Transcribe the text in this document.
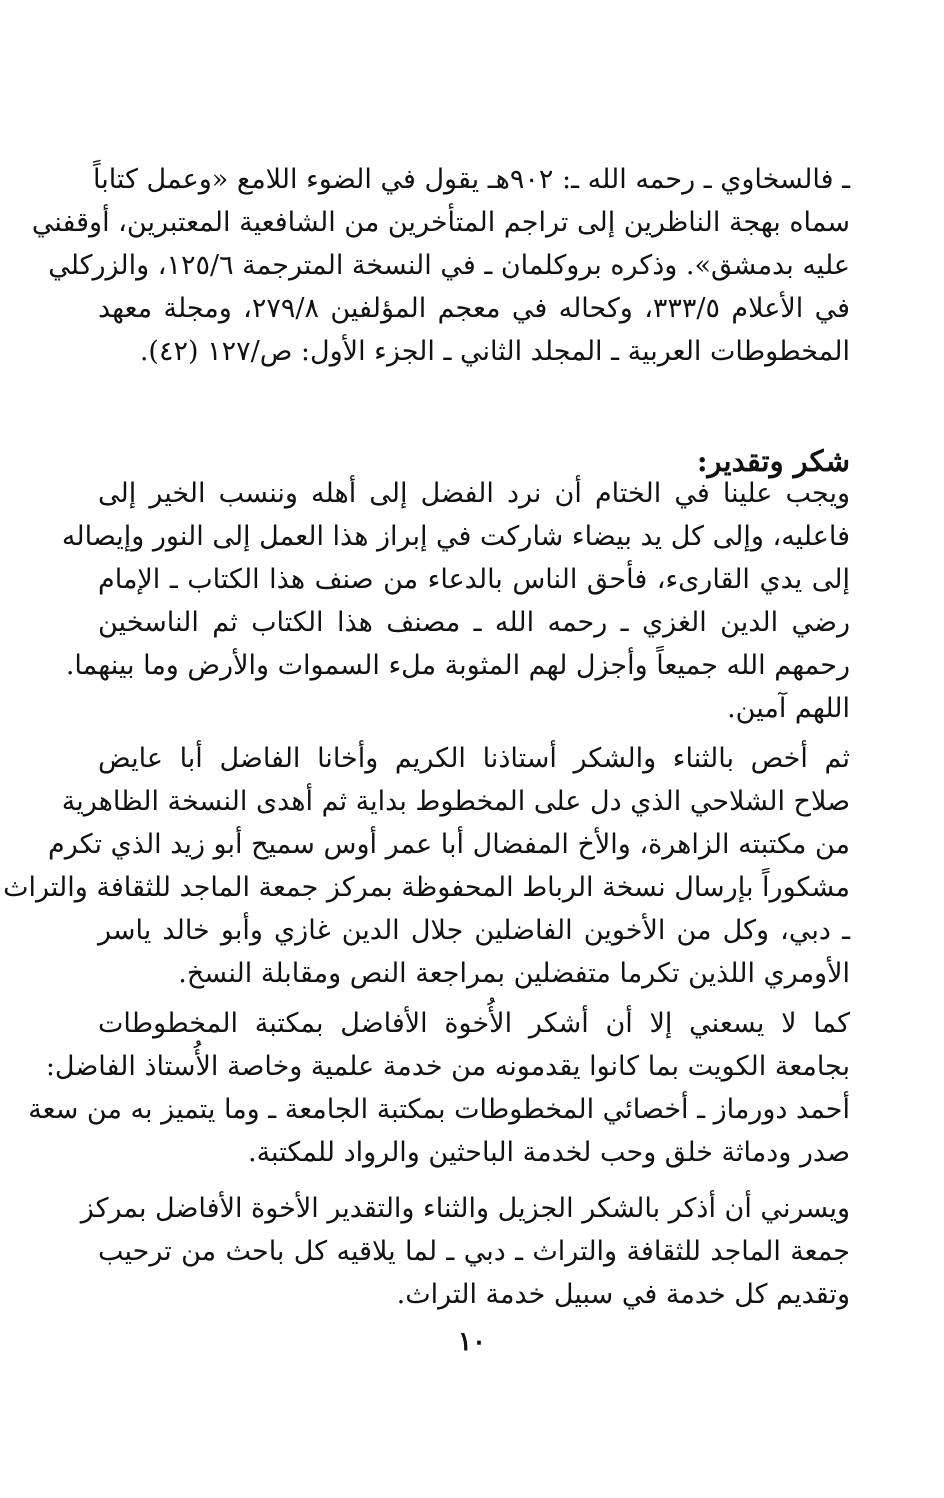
ـ فالسخاوي ـ رحمه الله ـ: ٩٠٢هـ يقول في الضوء اللامع «وعمل كتاباً
سماه بهجة الناظرين إلى تراجم المتأخرين من الشافعية المعتبرين، أوقفني
عليه بدمشق». وذكره بروكلمان ـ في النسخة المترجمة ١٢٥/٦، والزركلي
في الأعلام ٣٣٣/٥، وكحاله في معجم المؤلفين ٢٧٩/٨، ومجلة معهد
المخطوطات العربية ـ المجلد الثاني ـ الجزء الأول: ص/١٢٧ (٤٢).
شكر وتقدير:
ويجب علينا في الختام أن نرد الفضل إلى أهله وننسب الخير إلى
فاعليه، وإلى كل يد بيضاء شاركت في إبراز هذا العمل إلى النور وإيصاله
إلى يدي القارىء، فأحق الناس بالدعاء من صنف هذا الكتاب ـ الإمام
رضي الدين الغزي ـ رحمه الله ـ مصنف هذا الكتاب ثم الناسخين
رحمهم الله جميعاً وأجزل لهم المثوبة ملء السموات والأرض وما بينهما.
اللهم آمين.
ثم أخص بالثناء والشكر أستاذنا الكريم وأخانا الفاضل أبا عايض
صلاح الشلاحي الذي دل على المخطوط بداية ثم أهدى النسخة الظاهرية
من مكتبته الزاهرة، والأخ المفضال أبا عمر أوس سميح أبو زيد الذي تكرم
مشكوراً بإرسال نسخة الرباط المحفوظة بمركز جمعة الماجد للثقافة والتراث
ـ دبي، وكل من الأخوين الفاضلين جلال الدين غازي وأبو خالد ياسر
الأومري اللذين تكرما متفضلين بمراجعة النص ومقابلة النسخ.
كما لا يسعني إلا أن أشكر الأُخوة الأفاضل بمكتبة المخطوطات
بجامعة الكويت بما كانوا يقدمونه من خدمة علمية وخاصة الأُستاذ الفاضل:
أحمد دورماز ـ أخصائي المخطوطات بمكتبة الجامعة ـ وما يتميز به من سعة
صدر ودماثة خلق وحب لخدمة الباحثين والرواد للمكتبة.
ويسرني أن أذكر بالشكر الجزيل والثناء والتقدير الأخوة الأفاضل بمركز
جمعة الماجد للثقافة والتراث ـ دبي ـ لما يلاقيه كل باحث من ترحيب
وتقديم كل خدمة في سبيل خدمة التراث.
١٠
